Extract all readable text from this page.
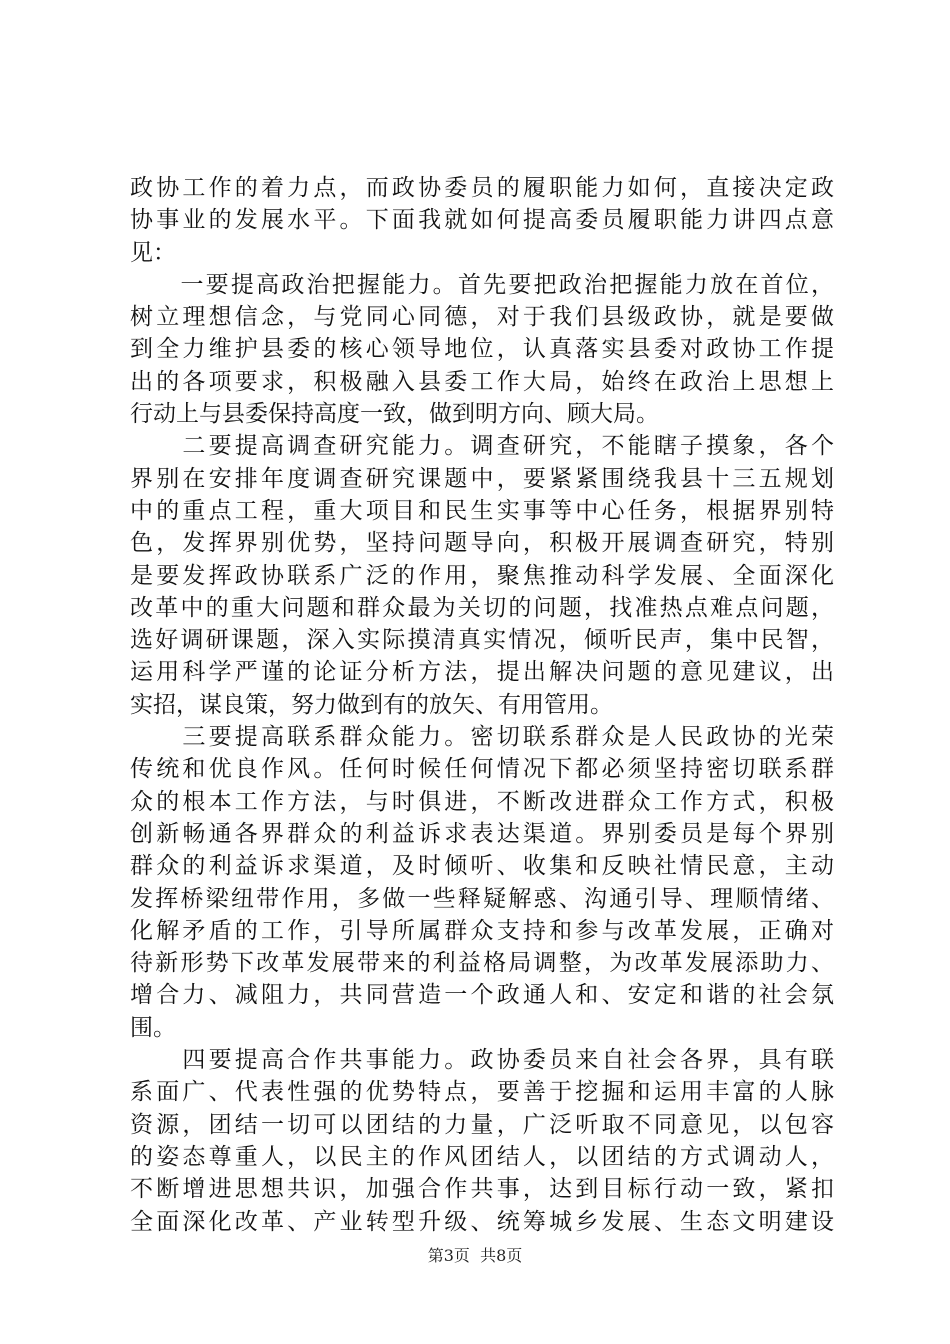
政协工作的着力点，而政协委员的履职能力如何，直接决定政
协事业的发展水平。下面我就如何提高委员履职能力讲四点意
见：
　　一要提高政治把握能力。首先要把政治把握能力放在首位，
树立理想信念，与党同心同德，对于我们县级政协，就是要做
到全力维护县委的核心领导地位，认真落实县委对政协工作提
出的各项要求，积极融入县委工作大局，始终在政治上思想上
行动上与县委保持高度一致，做到明方向、顾大局。
　　二要提高调查研究能力。调查研究，不能瞎子摸象，各个
界别在安排年度调查研究课题中，要紧紧围绕我县十三五规划
中的重点工程，重大项目和民生实事等中心任务，根据界别特
色，发挥界别优势，坚持问题导向，积极开展调查研究，特别
是要发挥政协联系广泛的作用，聚焦推动科学发展、全面深化
改革中的重大问题和群众最为关切的问题，找准热点难点问题，
选好调研课题，深入实际摸清真实情况，倾听民声，集中民智，
运用科学严谨的论证分析方法，提出解决问题的意见建议，出
实招，谋良策，努力做到有的放矢、有用管用。
　　三要提高联系群众能力。密切联系群众是人民政协的光荣
传统和优良作风。任何时候任何情况下都必须坚持密切联系群
众的根本工作方法，与时俱进，不断改进群众工作方式，积极
创新畅通各界群众的利益诉求表达渠道。界别委员是每个界别
群众的利益诉求渠道，及时倾听、收集和反映社情民意，主动
发挥桥梁纽带作用，多做一些释疑解惑、沟通引导、理顺情绪、
化解矛盾的工作，引导所属群众支持和参与改革发展，正确对
待新形势下改革发展带来的利益格局调整，为改革发展添助力、
增合力、减阻力，共同营造一个政通人和、安定和谐的社会氛
围。
　　四要提高合作共事能力。政协委员来自社会各界，具有联
系面广、代表性强的优势特点，要善于挖掘和运用丰富的人脉
资源，团结一切可以团结的力量，广泛听取不同意见，以包容
的姿态尊重人，以民主的作风团结人，以团结的方式调动人，
不断增进思想共识，加强合作共事，达到目标行动一致，紧扣
全面深化改革、产业转型升级、统筹城乡发展、生态文明建设
第3页  共8页
